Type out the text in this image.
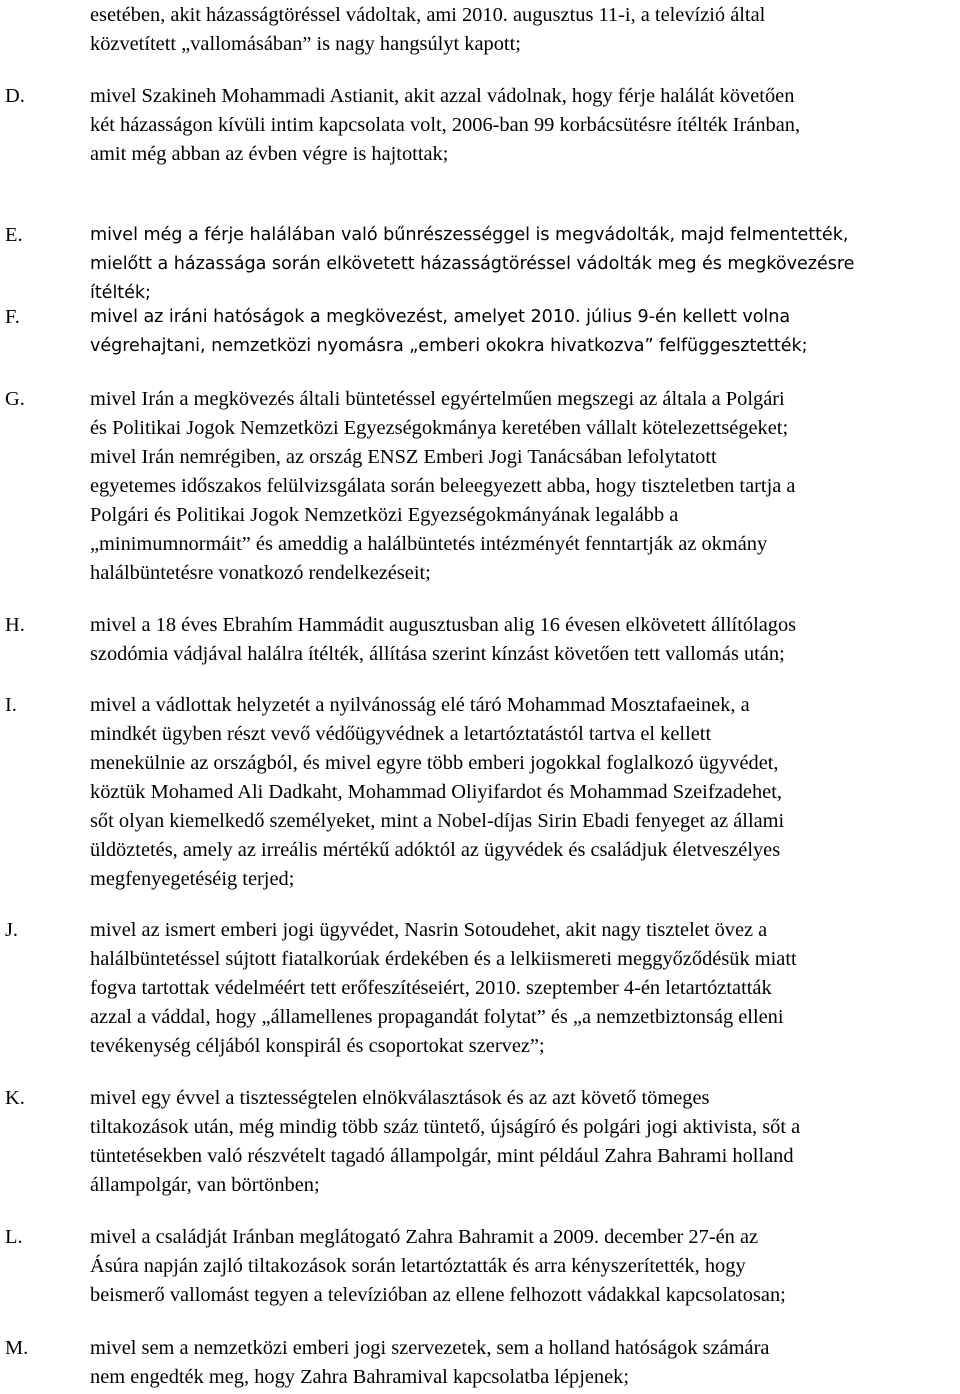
esetében, akit házasságtöréssel vádoltak, ami 2010. augusztus 11-i, a televízió által
közvetített „vallomásában” is nagy hangsúlyt kapott;
D.	mivel Szakineh Mohammadi Astianit, akit azzal vádolnak, hogy férje halálát követően
két házasságon kívüli intim kapcsolata volt, 2006-ban 99 korbácsütésre ítélték Iránban,
amit még abban az évben végre is hajtottak;
E.	mivel még a férje halálában való bűnrészességgel is megvádolták, majd felmentették,
mielőtt a házassága során elkövetett házasságtöréssel vádolták meg és megkövezésre
ítélték;
F.	mivel az iráni hatóságok a megkövezést, amelyet 2010. július 9-én kellett volna
végrehajtani, nemzetközi nyomásra „emberi okokra hivatkozva” felfüggesztették;
G.	mivel Irán a megkövezés általi büntetéssel egyértelműen megszegi az általa a Polgári
és Politikai Jogok Nemzetközi Egyezségokmánya keretében vállalt kötelezettségeket;
mivel Irán nemrégiben, az ország ENSZ Emberi Jogi Tanácsában lefolytatott
egyetemes időszakos felülvizsgálata során beleegyezett abba, hogy tiszteletben tartja a
Polgári és Politikai Jogok Nemzetközi Egyezségokmányának legalább a
„minimumnormáit” és ameddig a halálbüntetés intézményét fenntartják az okmány
halálbüntetésre vonatkozó rendelkezéseit;
H.	mivel a 18 éves Ebrahím Hammádit augusztusban alig 16 évesen elkövetett állítólagos
szodómia vádjával halálra ítélték, állítása szerint kínzást követően tett vallomás után;
I.	mivel a vádlottak helyzetét a nyilvánosság elé táró Mohammad Mosztafaeinek, a
mindkét ügyben részt vevő védőügyvédnek a letartóztatástól tartva el kellett
menekülnie az országból, és mivel egyre több emberi jogokkal foglalkozó ügyvédet,
köztük Mohamed Ali Dadkaht, Mohammad Oliyifardot és Mohammad Szeifzadehet,
sőt olyan kiemelkedő személyeket, mint a Nobel-díjas Sirin Ebadi fenyeget az állami
üldöztetés, amely az irreális mértékű adóktól az ügyvédek és családjuk életveszélyes
megfenyegetéséig terjed;
J.	mivel az ismert emberi jogi ügyvédet, Nasrin Sotoudehet, akit nagy tisztelet övez a
halálbüntetéssel sújtott fiatalkorúak érdekében és a lelkiismereti meggyőződésük miatt
fogva tartottak védelméért tett erőfeszítéseiért, 2010. szeptember 4-én letartóztatták
azzal a váddal, hogy „államellenes propagandát folytat” és „a nemzetbiztonság elleni
tevékenység céljából konspirál és csoportokat szervez”;
K.	mivel egy évvel a tisztességtelen elnökválasztások és az azt követő tömeges
tiltakozások után, még mindig több száz tüntető, újságíró és polgári jogi aktivista, sőt a
tüntetésekben való részvételt tagadó állampolgár, mint például Zahra Bahrami holland
állampolgár, van börtönben;
L.	mivel a családját Iránban meglátogató Zahra Bahramit a 2009. december 27-én az
Ásúra napján zajló tiltakozások során letartóztatták és arra kényszerítették, hogy
beismerő vallomást tegyen a televízióban az ellene felhozott vádakkal kapcsolatosan;
M.	mivel sem a nemzetközi emberi jogi szervezetek, sem a holland hatóságok számára
nem engedték meg, hogy Zahra Bahramival kapcsolatba lépjenek;
